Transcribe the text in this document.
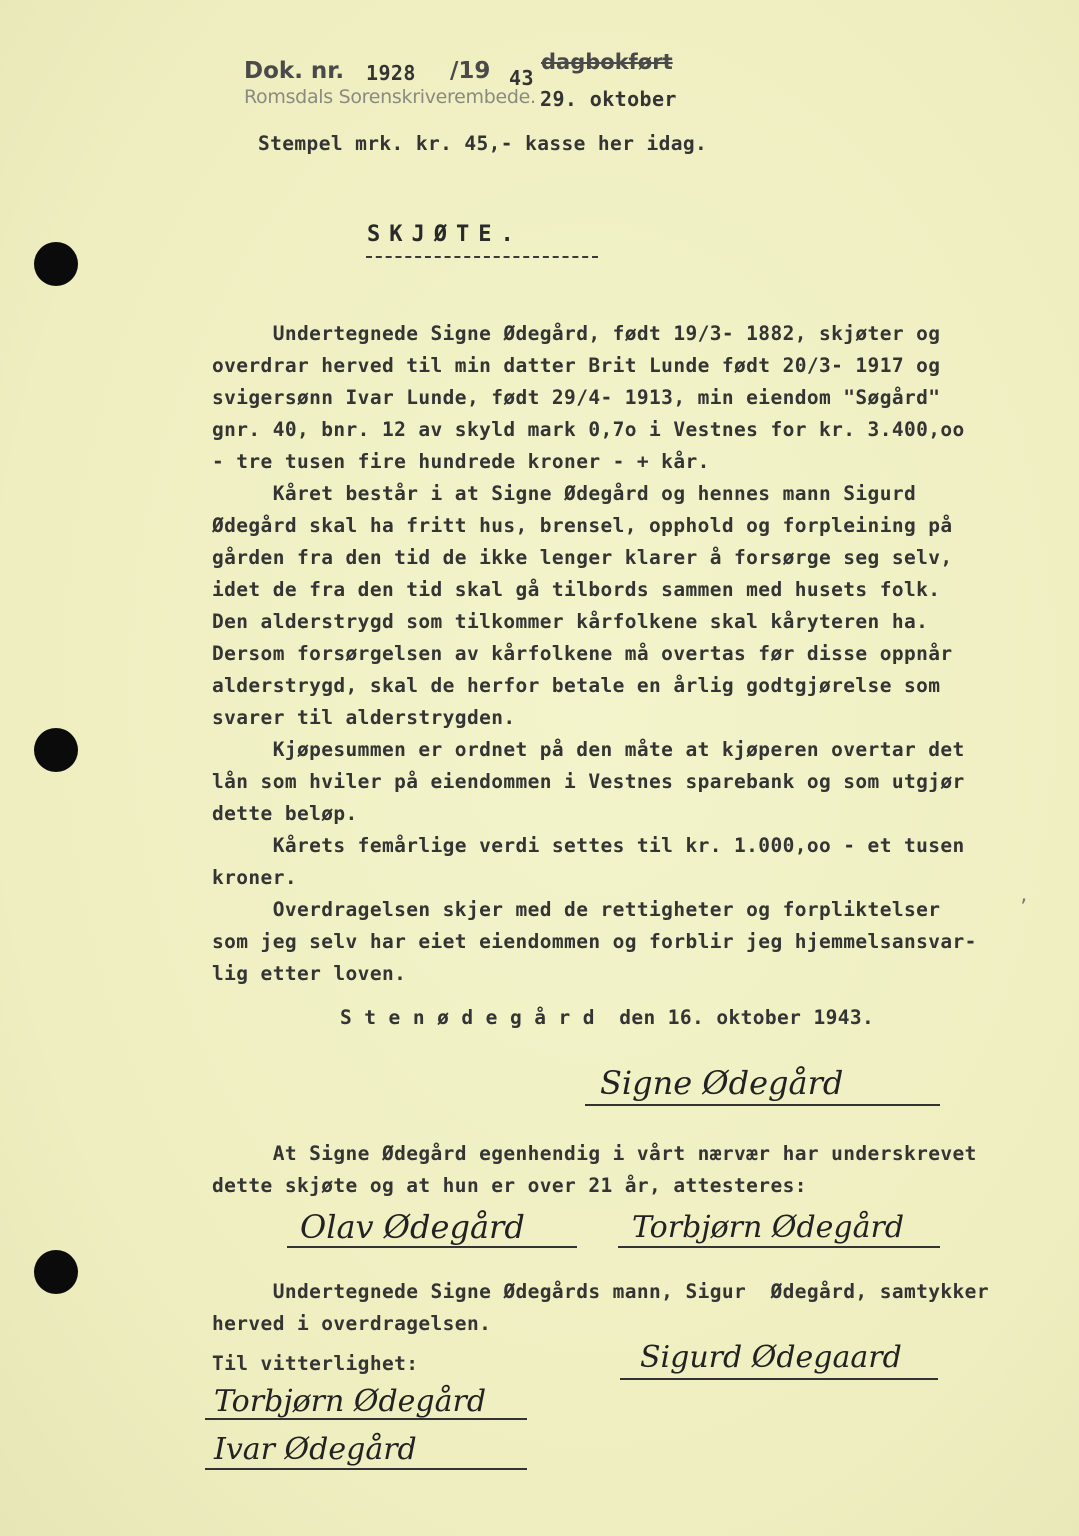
Dok. nr. 1928 /19 43
dagbokført
Romsdals Sorenskriverembede. 29. oktober
Stempel mrk. kr. 45,- kasse her idag.
SKJØTE.
Undertegnede Signe Ødegård, født 19/3- 1882, skjøter og
overdrar herved til min datter Brit Lunde født 20/3- 1917 og
svigersønn Ivar Lunde, født 29/4- 1913, min eiendom "Søgård"
gnr. 40, bnr. 12 av skyld mark 0,7o i Vestnes for kr. 3.400,oo
- tre tusen fire hundrede kroner - + kår.
Kåret består i at Signe Ødegård og hennes mann Sigurd
Ødegård skal ha fritt hus, brensel, opphold og forpleining på
gården fra den tid de ikke lenger klarer å forsørge seg selv,
idet de fra den tid skal gå tilbords sammen med husets folk.
Den alderstrygd som tilkommer kårfolkene skal kåryteren ha.
Dersom forsørgelsen av kårfolkene må overtas før disse oppnår
alderstrygd, skal de herfor betale en årlig godtgjørelse som
svarer til alderstrygden.
Kjøpesummen er ordnet på den måte at kjøperen overtar det
lån som hviler på eiendommen i Vestnes sparebank og som utgjør
dette beløp.
Kårets femårlige verdi settes til kr. 1.000,oo - et tusen
kroner.
Overdragelsen skjer med de rettigheter og forpliktelser
som jeg selv har eiet eiendommen og forblir jeg hjemmelsansvar-
lig etter loven.
’
S t e n ø d e g å r d  den 16. oktober 1943.
Signe Ødegård
At Signe Ødegård egenhendig i vårt nærvær har underskrevet
dette skjøte og at hun er over 21 år, attesteres:
Olav Ødegård	Torbjørn Ødegård
Undertegnede Signe Ødegårds mann, Sigur  Ødegård, samtykker
herved i overdragelsen.
Til vitterlighet:	Sigurd Ødegaard
Torbjørn Ødegård
Ivar Ødegård
